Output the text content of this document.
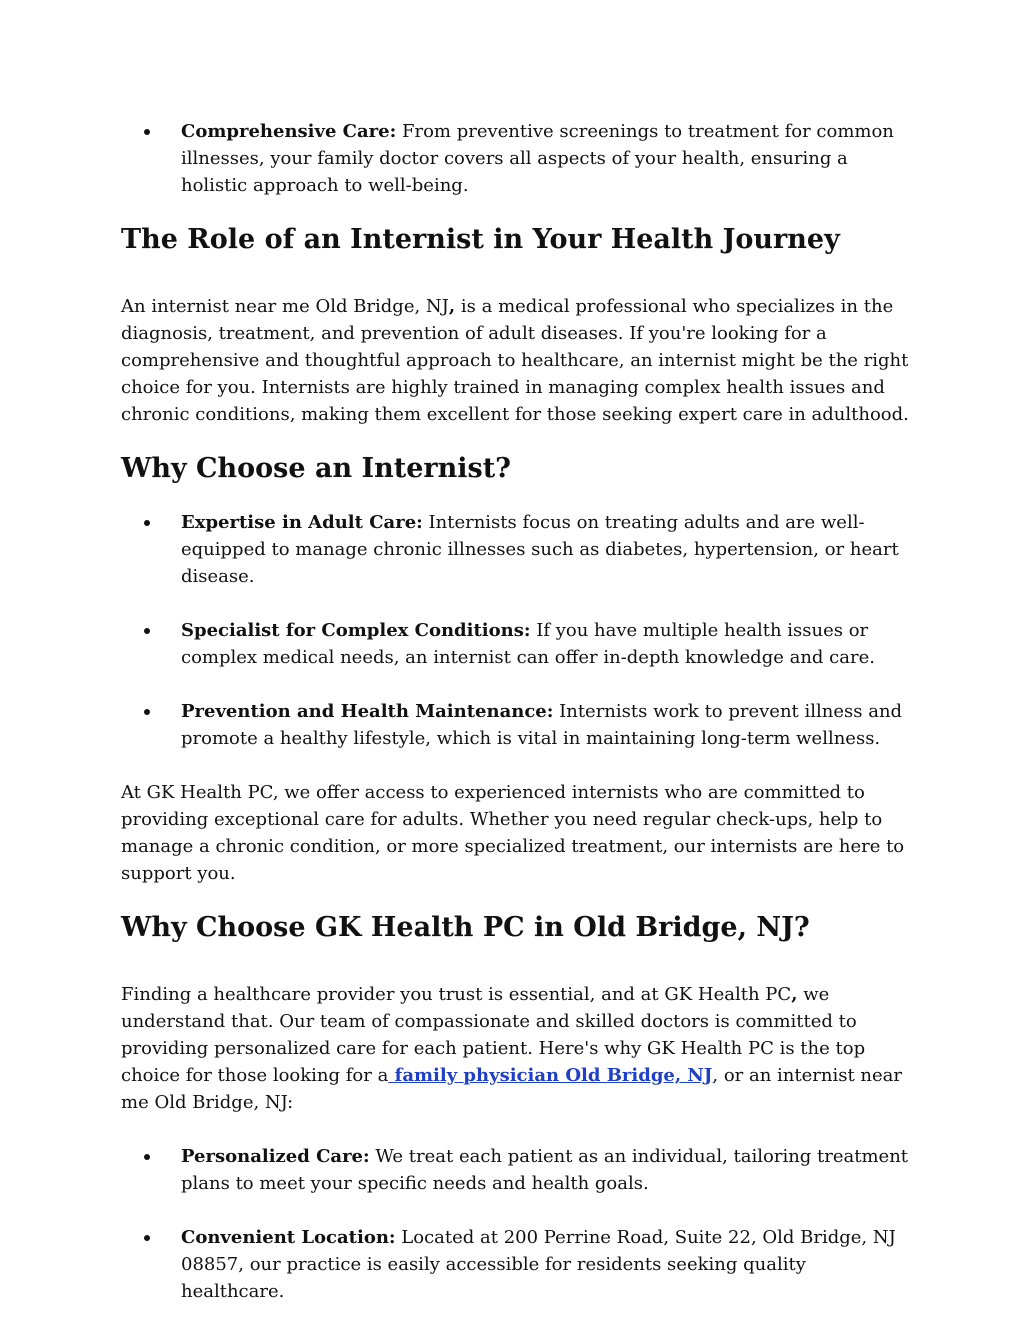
Comprehensive Care: From preventive screenings to treatment for common illnesses, your family doctor covers all aspects of your health, ensuring a holistic approach to well-being.
The Role of an Internist in Your Health Journey

An internist near me Old Bridge, NJ, is a medical professional who specializes in the diagnosis, treatment, and prevention of adult diseases. If you're looking for a comprehensive and thoughtful approach to healthcare, an internist might be the right choice for you. Internists are highly trained in managing complex health issues and chronic conditions, making them excellent for those seeking expert care in adulthood.

Why Choose an Internist?
Expertise in Adult Care: Internists focus on treating adults and are well-equipped to manage chronic illnesses such as diabetes, hypertension, or heart disease.
Specialist for Complex Conditions: If you have multiple health issues or complex medical needs, an internist can offer in-depth knowledge and care.
Prevention and Health Maintenance: Internists work to prevent illness and promote a healthy lifestyle, which is vital in maintaining long-term wellness.

At GK Health PC, we offer access to experienced internists who are committed to providing exceptional care for adults. Whether you need regular check-ups, help to manage a chronic condition, or more specialized treatment, our internists are here to support you.

Why Choose GK Health PC in Old Bridge, NJ?

Finding a healthcare provider you trust is essential, and at GK Health PC, we understand that. Our team of compassionate and skilled doctors is committed to providing personalized care for each patient. Here's why GK Health PC is the top choice for those looking for a family physician Old Bridge, NJ, or an internist near me Old Bridge, NJ:

Personalized Care: We treat each patient as an individual, tailoring treatment plans to meet your specific needs and health goals.
Convenient Location: Located at 200 Perrine Road, Suite 22, Old Bridge, NJ 08857, our practice is easily accessible for residents seeking quality healthcare.
